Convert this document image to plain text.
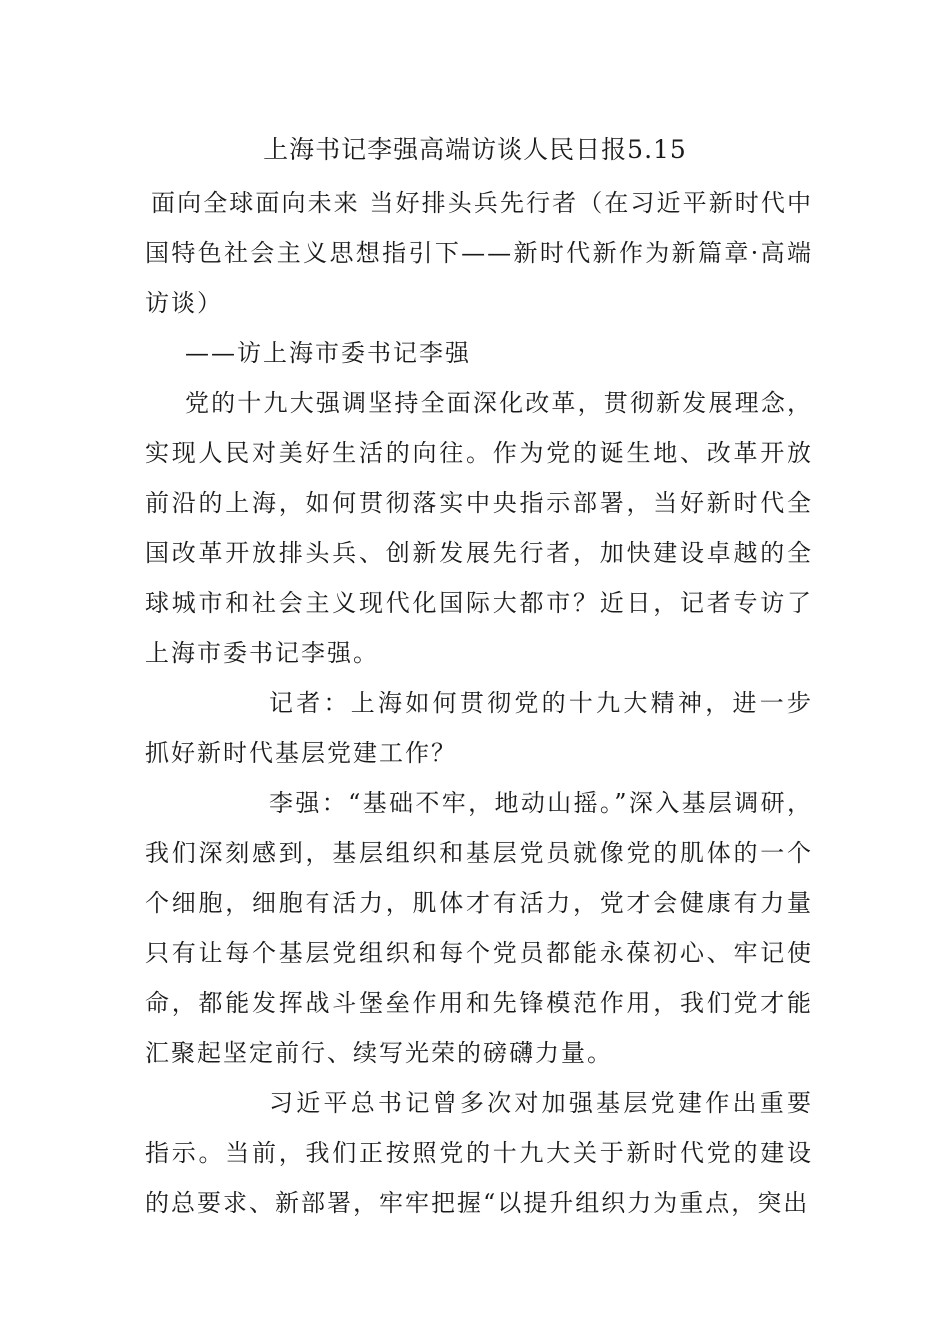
上海书记李强高端访谈人民日报5.15

面向全球面向未来 当好排头兵先行者（在习近平新时代中国特色社会主义思想指引下——新时代新作为新篇章·高端访谈）

——访上海市委书记李强

党的十九大强调坚持全面深化改革，贯彻新发展理念，实现人民对美好生活的向往。作为党的诞生地、改革开放前沿的上海，如何贯彻落实中央指示部署，当好新时代全国改革开放排头兵、创新发展先行者，加快建设卓越的全球城市和社会主义现代化国际大都市？近日，记者专访了上海市委书记李强。

记者：上海如何贯彻党的十九大精神，进一步抓好新时代基层党建工作？

李强：“基础不牢，地动山摇。”深入基层调研，我们深刻感到，基层组织和基层党员就像党的肌体的一个个细胞，细胞有活力，肌体才有活力，党才会健康有力量只有让每个基层党组织和每个党员都能永葆初心、牢记使命，都能发挥战斗堡垒作用和先锋模范作用，我们党才能汇聚起坚定前行、续写光荣的磅礴力量。

习近平总书记曾多次对加强基层党建作出重要指示。当前，我们正按照党的十九大关于新时代党的建设的总要求、新部署，牢牢把握“以提升组织力为重点，突出
